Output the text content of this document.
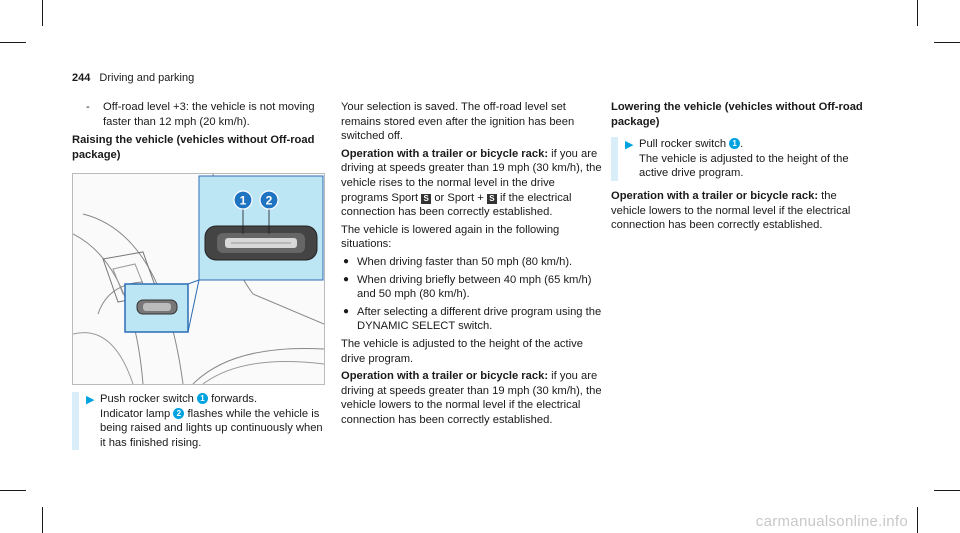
244 Driving and parking
-	Off-road level +3: the vehicle is not moving faster than 12 mph (20 km/h).

Raising the vehicle (vehicles without Off-road package)

1 2
▶ Push rocker switch 1 forwards.
Indicator lamp 2 flashes while the vehicle is being raised and lights up continuously when it has finished rising.

Your selection is saved. The off-road level set remains stored even after the ignition has been switched off.

Operation with a trailer or bicycle rack: if you are driving at speeds greater than 19 mph (30 km/h), the vehicle rises to the normal level in the drive programs Sport S or Sport + S if the electrical connection has been correctly established.

The vehicle is lowered again in the following situations:

● When driving faster than 50 mph (80 km/h).
● When driving briefly between 40 mph (65 km/h) and 50 mph (80 km/h).
● After selecting a different drive program using the DYNAMIC SELECT switch.

The vehicle is adjusted to the height of the active drive program.

Operation with a trailer or bicycle rack: if you are driving at speeds greater than 19 mph (30 km/h), the vehicle lowers to the normal level if the electrical connection has been correctly established.

Lowering the vehicle (vehicles without Off-road package)

▶ Pull rocker switch 1 .
The vehicle is adjusted to the height of the active drive program.

Operation with a trailer or bicycle rack: the vehicle lowers to the normal level if the electrical connection has been correctly established.

carmanualsonline.info
